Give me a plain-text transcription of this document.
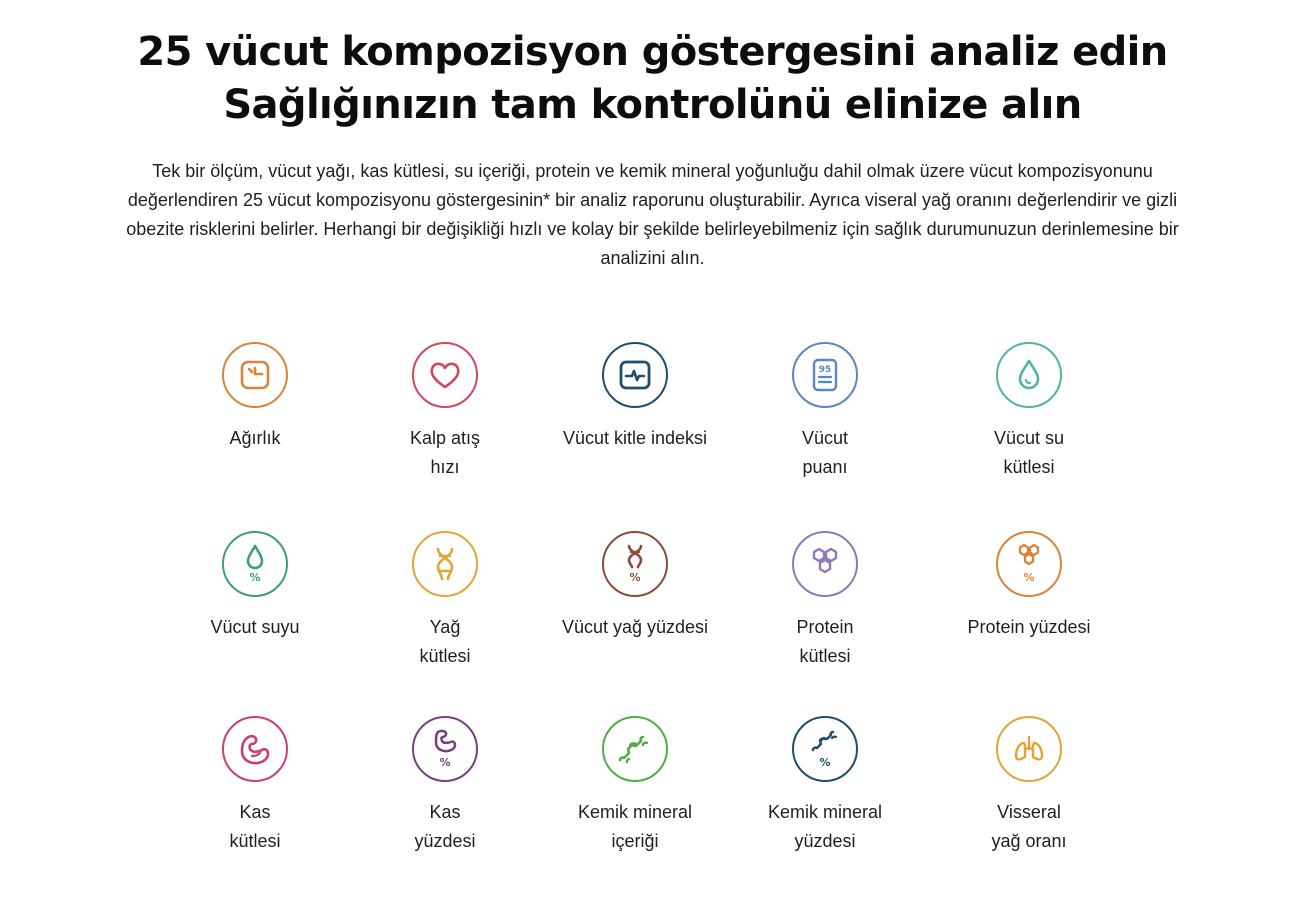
25 vücut kompozisyon göstergesini analiz edin
Sağlığınızın tam kontrolünü elinize alın

Tek bir ölçüm, vücut yağı, kas kütlesi, su içeriği, protein ve kemik mineral yoğunluğu dahil olmak üzere vücut kompozisyonunu değerlendiren 25 vücut kompozisyonu göstergesinin* bir analiz raporunu oluşturabilir. Ayrıca viseral yağ oranını değerlendirir ve gizli obezite risklerini belirler. Herhangi bir değişikliği hızlı ve kolay bir şekilde belirleyebilmeniz için sağlık durumunuzun derinlemesine bir analizini alın.

Ağırlık	Kalp atış
hızı
Vücut kitle indeksi
95
Vücut
puanı
Vücut su
kütlesi
%
Vücut suyu	Yağ
kütlesi
%
Vücut yağ yüzdesi	Protein
kütlesi
%
Protein yüzdesi
Kas
kütlesi
%
Kas
yüzdesi
Kemik mineral
içeriği
%
Kemik mineral
yüzdesi
Visseral
yağ oranı
